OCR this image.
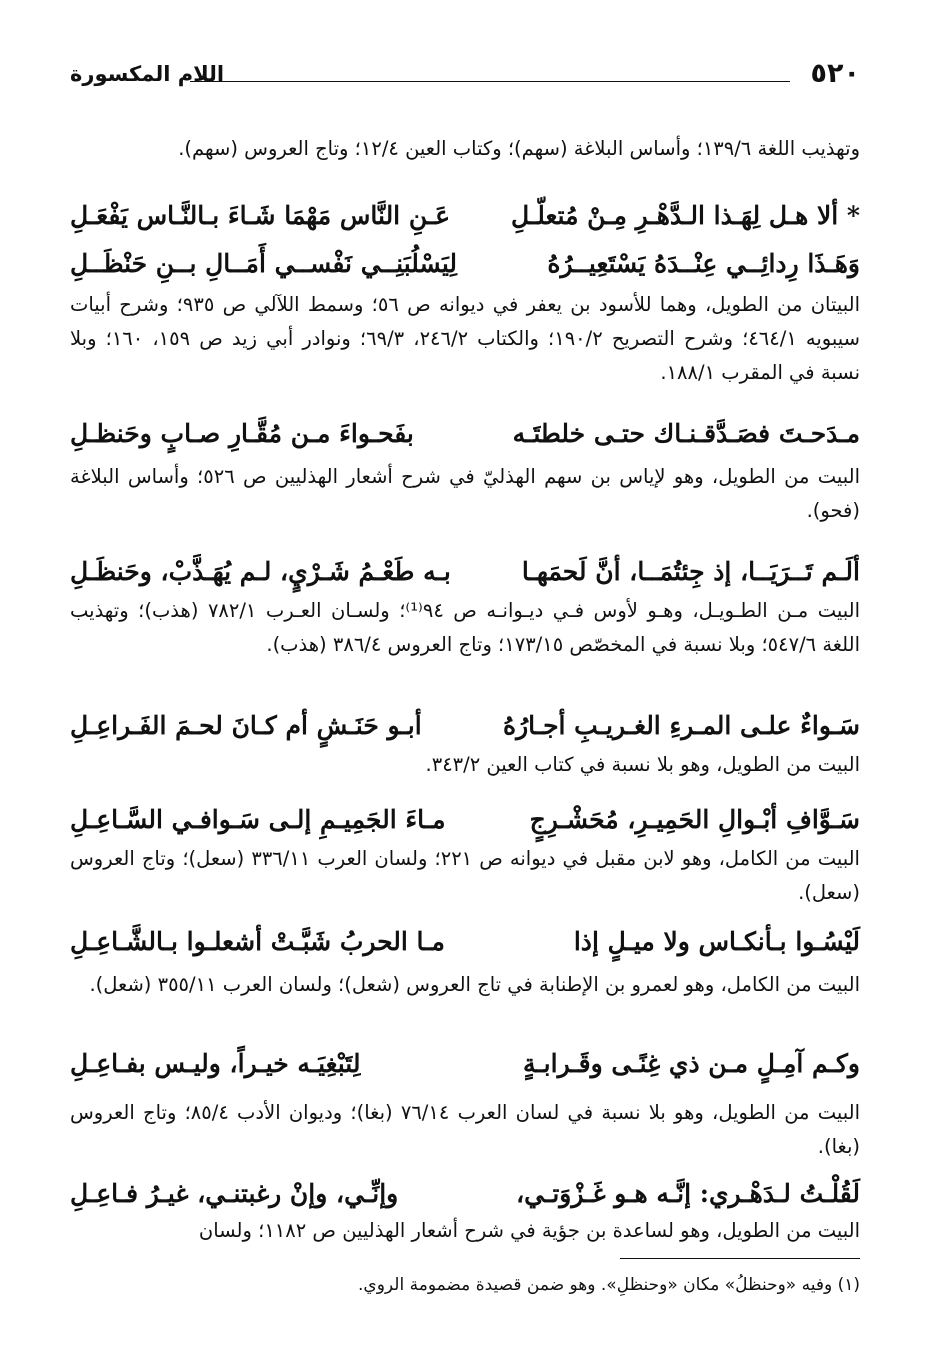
٥٢٠
اللام المكسورة

وتهذيب اللغة ١٣٩/٦؛ وأساس البلاغة (سهم)؛ وكتاب العين ١٢/٤؛ وتاج العروس (سهم).

* ألا هـل لِهَـذا الـدَّهْـرِ مِـنْ مُتعلّـلِ
عَـنِ النَّاس مَهْمَا شَـاءَ بـالنَّـاس يَفْعَـلِ
وَهَـذَا رِدائِــي عِنْــدَهُ يَسْتَعِيــرُهُ
لِيَسْلُبَنِــي نَفْســي أَمَــالِ بــنِ حَنْظَــلِ

البيتان من الطويل، وهما للأسود بن يعفر في ديوانه ص ٥٦؛ وسمط اللآلي ص ٩٣٥؛ وشرح أبيات سيبويه ٤٦٤/١؛ وشرح التصريح ١٩٠/٢؛ والكتاب ٢٤٦/٢، ٦٩/٣؛ ونوادر أبي زيد ص ١٥٩، ١٦٠؛ وبلا نسبة في المقرب ١٨٨/١.

مـدَحـتَ فصَـدَّقـنـاك حتـى خلطتَـه
بفَحـواءَ مـن مُقَّـارِ صـابٍ وحَنظـلِ

البيت من الطويل، وهو لإياس بن سهم الهذليّ في شرح أشعار الهذليين ص ٥٢٦؛ وأساس البلاغة (فحو).

ألَـم تَــرَيَــا، إذ جِئتُمَــا، أنَّ لَحمَهـا
بـه طَعْـمُ شَـرْيٍ، لـم يُهَـذَّبْ، وحَنظَـلِ

البيت مـن الطـويـل، وهـو لأوس فـي ديـوانـه ص ٩٤⁽¹⁾؛ ولسـان العـرب ٧٨٢/١ (هذب)؛ وتهذيب اللغة ٥٤٧/٦؛ وبلا نسبة في المخصّص ١٧٣/١٥؛ وتاج العروس ٣٨٦/٤ (هذب).

سَـواءٌ علـى المـرءِ الغـريـبِ أجـارُهُ
أبـو حَنَـشٍ أم كـانَ لحـمَ الفَـراعِـلِ

البيت من الطويل، وهو بلا نسبة في كتاب العين ٣٤٣/٢.

سَـوَّافِ أبْـوالِ الحَمِيـرِ، مُحَشْـرِجٍ
مـاءَ الجَمِيـمِ إلـى سَـوافـي السَّـاعِـلِ

البيت من الكامل، وهو لابن مقبل في ديوانه ص ٢٢١؛ ولسان العرب ٣٣٦/١١ (سعل)؛ وتاج العروس (سعل).

لَيْسُـوا بـأنكـاس ولا ميـلٍ إذا
مـا الحربُ شَبَّـتْ أشعلـوا بـالشَّـاعِـلِ

البيت من الكامل، وهو لعمرو بن الإطنابة في تاج العروس (شعل)؛ ولسان العرب ٣٥٥/١١ (شعل).

وكـم آمِـلٍ مـن ذي غِنًـى وقَـرابـةٍ
لِتَبْغِيَـه خيـراً، وليـس بفـاعِـلِ

البيت من الطويل، وهو بلا نسبة في لسان العرب ٧٦/١٤ (بغا)؛ وديوان الأدب ٨٥/٤؛ وتاج العروس (بغا).

لَقُلْـتُ لـدَهْـري: إنَّـه هـو غَـزْوَتـي،
وإنِّـي، وإنْ رغبتنـي، غيـرُ فـاعِـلِ

البيت من الطويل، وهو لساعدة بن جؤية في شرح أشعار الهذليين ص ١١٨٢؛ ولسان

(١) وفيه «وحنظلُ» مكان «وحنظلِ». وهو ضمن قصيدة مضمومة الروي.
